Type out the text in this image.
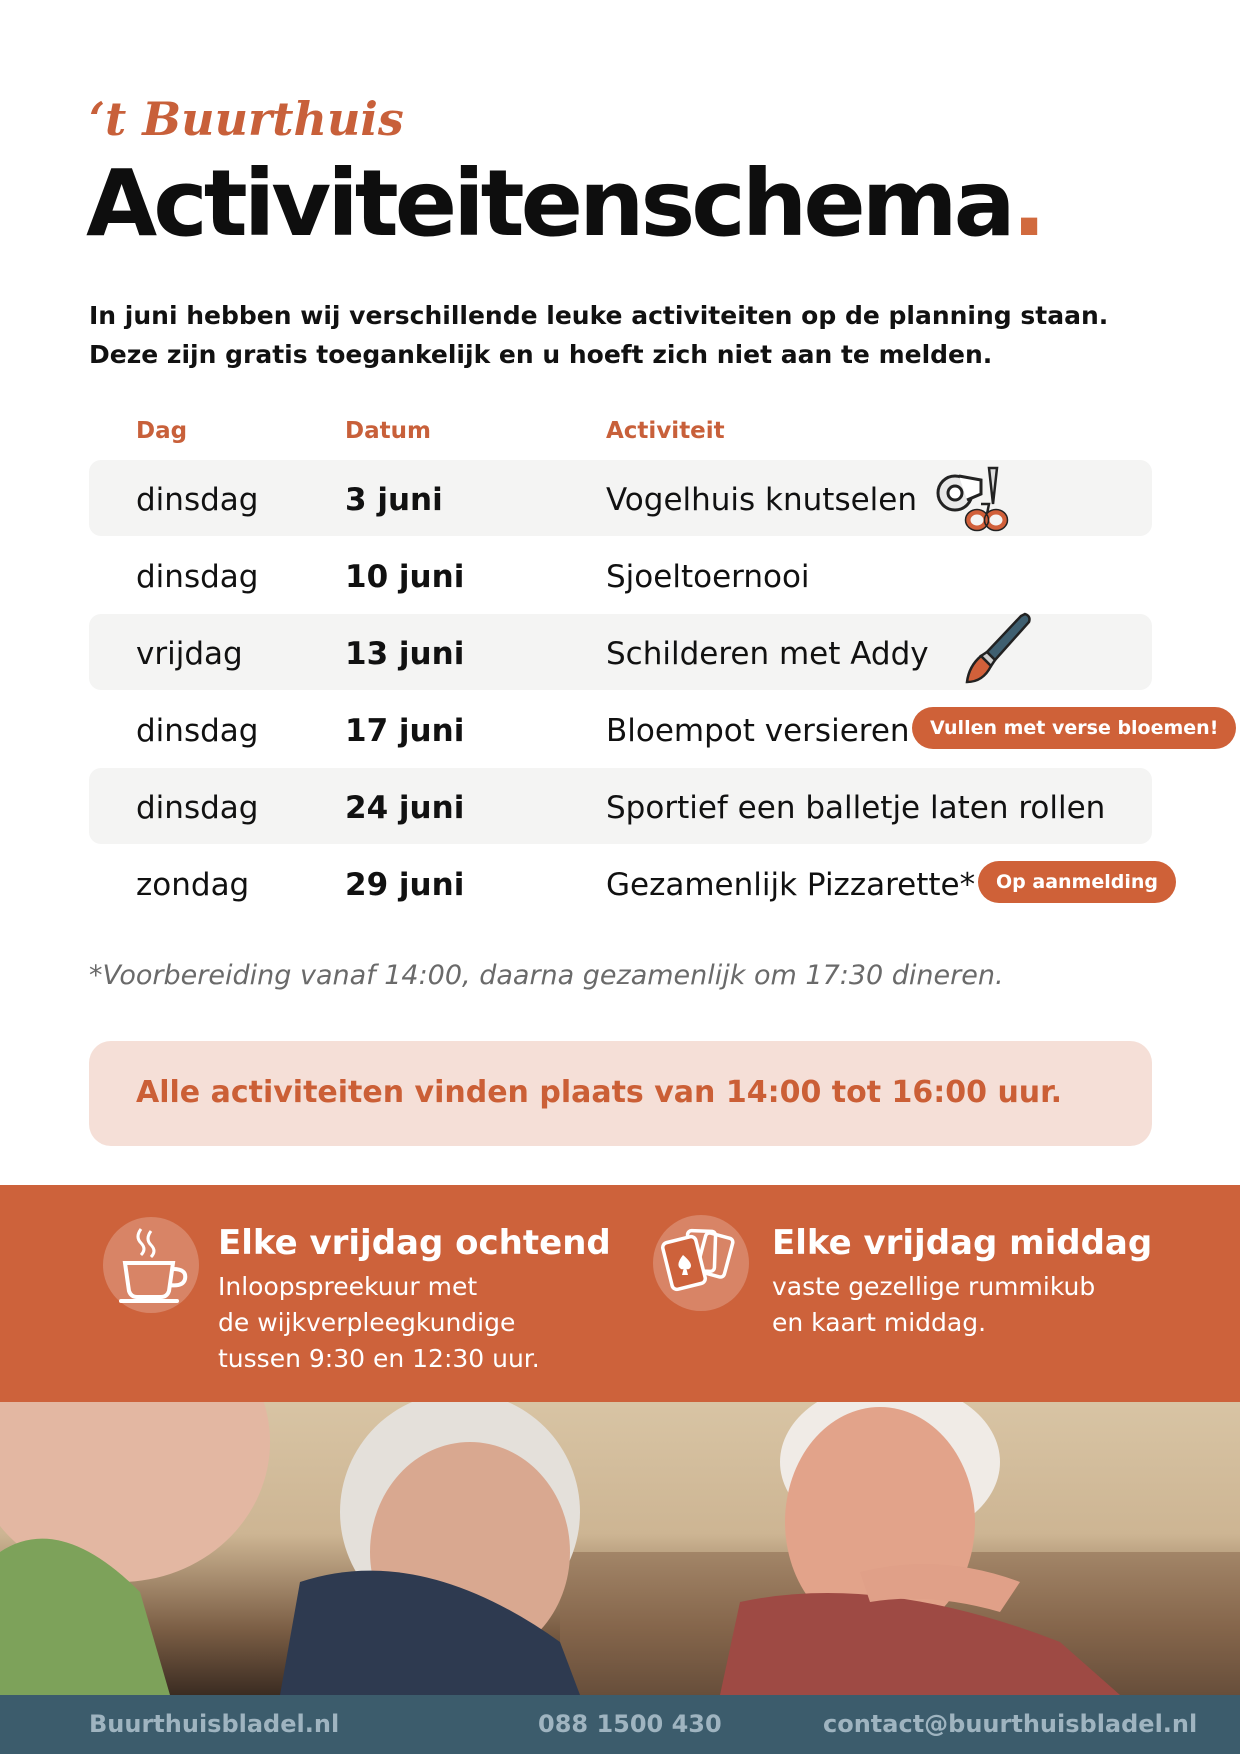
‘t Buurthuis
Activiteitenschema.
In juni hebben wij verschillende leuke activiteiten op de planning staan.
Deze zijn gratis toegankelijk en u hoeft zich niet aan te melden.
Dag	Datum	Activiteit
dinsdag	3 juni	Vogelhuis knutselen
dinsdag	10 juni	Sjoeltoernooi
vrijdag	13 juni	Schilderen met Addy
dinsdag	17 juni	Bloempot versieren	Vullen met verse bloemen!
dinsdag	24 juni	Sportief een balletje laten rollen
zondag	29 juni	Gezamenlijk Pizzarette*	Op aanmelding
*Voorbereiding vanaf 14:00, daarna gezamenlijk om 17:30 dineren.
Alle activiteiten vinden plaats van 14:00 tot 16:00 uur.
Elke vrijdag ochtend
Inloopspreekuur met
de wijkverpleegkundige
tussen 9:30 en 12:30 uur.
Elke vrijdag middag
vaste gezellige rummikub
en kaart middag.
Buurthuisbladel.nl	088 1500 430	contact@buurthuisbladel.nl
